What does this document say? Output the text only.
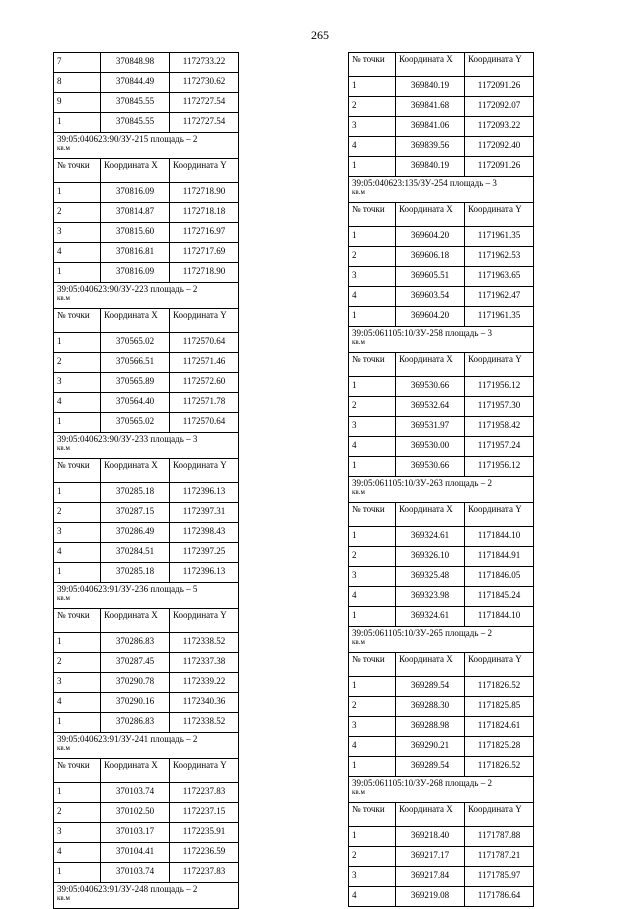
265
7	370848.98	1172733.22
8	370844.49	1172730.62
9	370845.55	1172727.54
1	370845.55	1172727.54

39:05:040623:90/ЗУ-215 площадь – 2
кв.м		

№ точки	Координата X	Координата Y
1	370816.09	1172718.90
2	370814.87	1172718.18
3	370815.60	1172716.97
4	370816.81	1172717.69
1	370816.09	1172718.90

39:05:040623:90/ЗУ-223 площадь – 2
кв.м		

№ точки	Координата X	Координата Y
1	370565.02	1172570.64
2	370566.51	1172571.46
3	370565.89	1172572.60
4	370564.40	1172571.78
1	370565.02	1172570.64

39:05:040623:90/ЗУ-233 площадь – 3
кв.м		

№ точки	Координата X	Координата Y
1	370285.18	1172396.13
2	370287.15	1172397.31
3	370286.49	1172398.43
4	370284.51	1172397.25
1	370285.18	1172396.13

39:05:040623:91/ЗУ-236 площадь – 5
кв.м		

№ точки	Координата X	Координата Y
1	370286.83	1172338.52
2	370287.45	1172337.38
3	370290.78	1172339.22
4	370290.16	1172340.36
1	370286.83	1172338.52

39:05:040623:91/ЗУ-241 площадь – 2
кв.м		

№ точки	Координата X	Координата Y
1	370103.74	1172237.83
2	370102.50	1172237.15
3	370103.17	1172235.91
4	370104.41	1172236.59
1	370103.74	1172237.83

39:05:040623:91/ЗУ-248 площадь – 2
кв.м		
№ точки	Координата X	Координата Y
1	369840.19	1172091.26
2	369841.68	1172092.07
3	369841.06	1172093.22
4	369839.56	1172092.40
1	369840.19	1172091.26

39:05:040623:135/ЗУ-254 площадь – 3
кв.м		

№ точки	Координата X	Координата Y
1	369604.20	1171961.35
2	369606.18	1171962.53
3	369605.51	1171963.65
4	369603.54	1171962.47
1	369604.20	1171961.35

39:05:061105:10/ЗУ-258 площадь – 3
кв.м		

№ точки	Координата X	Координата Y
1	369530.66	1171956.12
2	369532.64	1171957.30
3	369531.97	1171958.42
4	369530.00	1171957.24
1	369530.66	1171956.12

39:05:061105:10/ЗУ-263 площадь – 2
кв.м		

№ точки	Координата X	Координата Y
1	369324.61	1171844.10
2	369326.10	1171844.91
3	369325.48	1171846.05
4	369323.98	1171845.24
1	369324.61	1171844.10

39:05:061105:10/ЗУ-265 площадь – 2
кв.м		

№ точки	Координата X	Координата Y
1	369289.54	1171826.52
2	369288.30	1171825.85
3	369288.98	1171824.61
4	369290.21	1171825.28
1	369289.54	1171826.52

39:05:061105:10/ЗУ-268 площадь – 2
кв.м		

№ точки	Координата X	Координата Y
1	369218.40	1171787.88
2	369217.17	1171787.21
3	369217.84	1171785.97
4	369219.08	1171786.64
